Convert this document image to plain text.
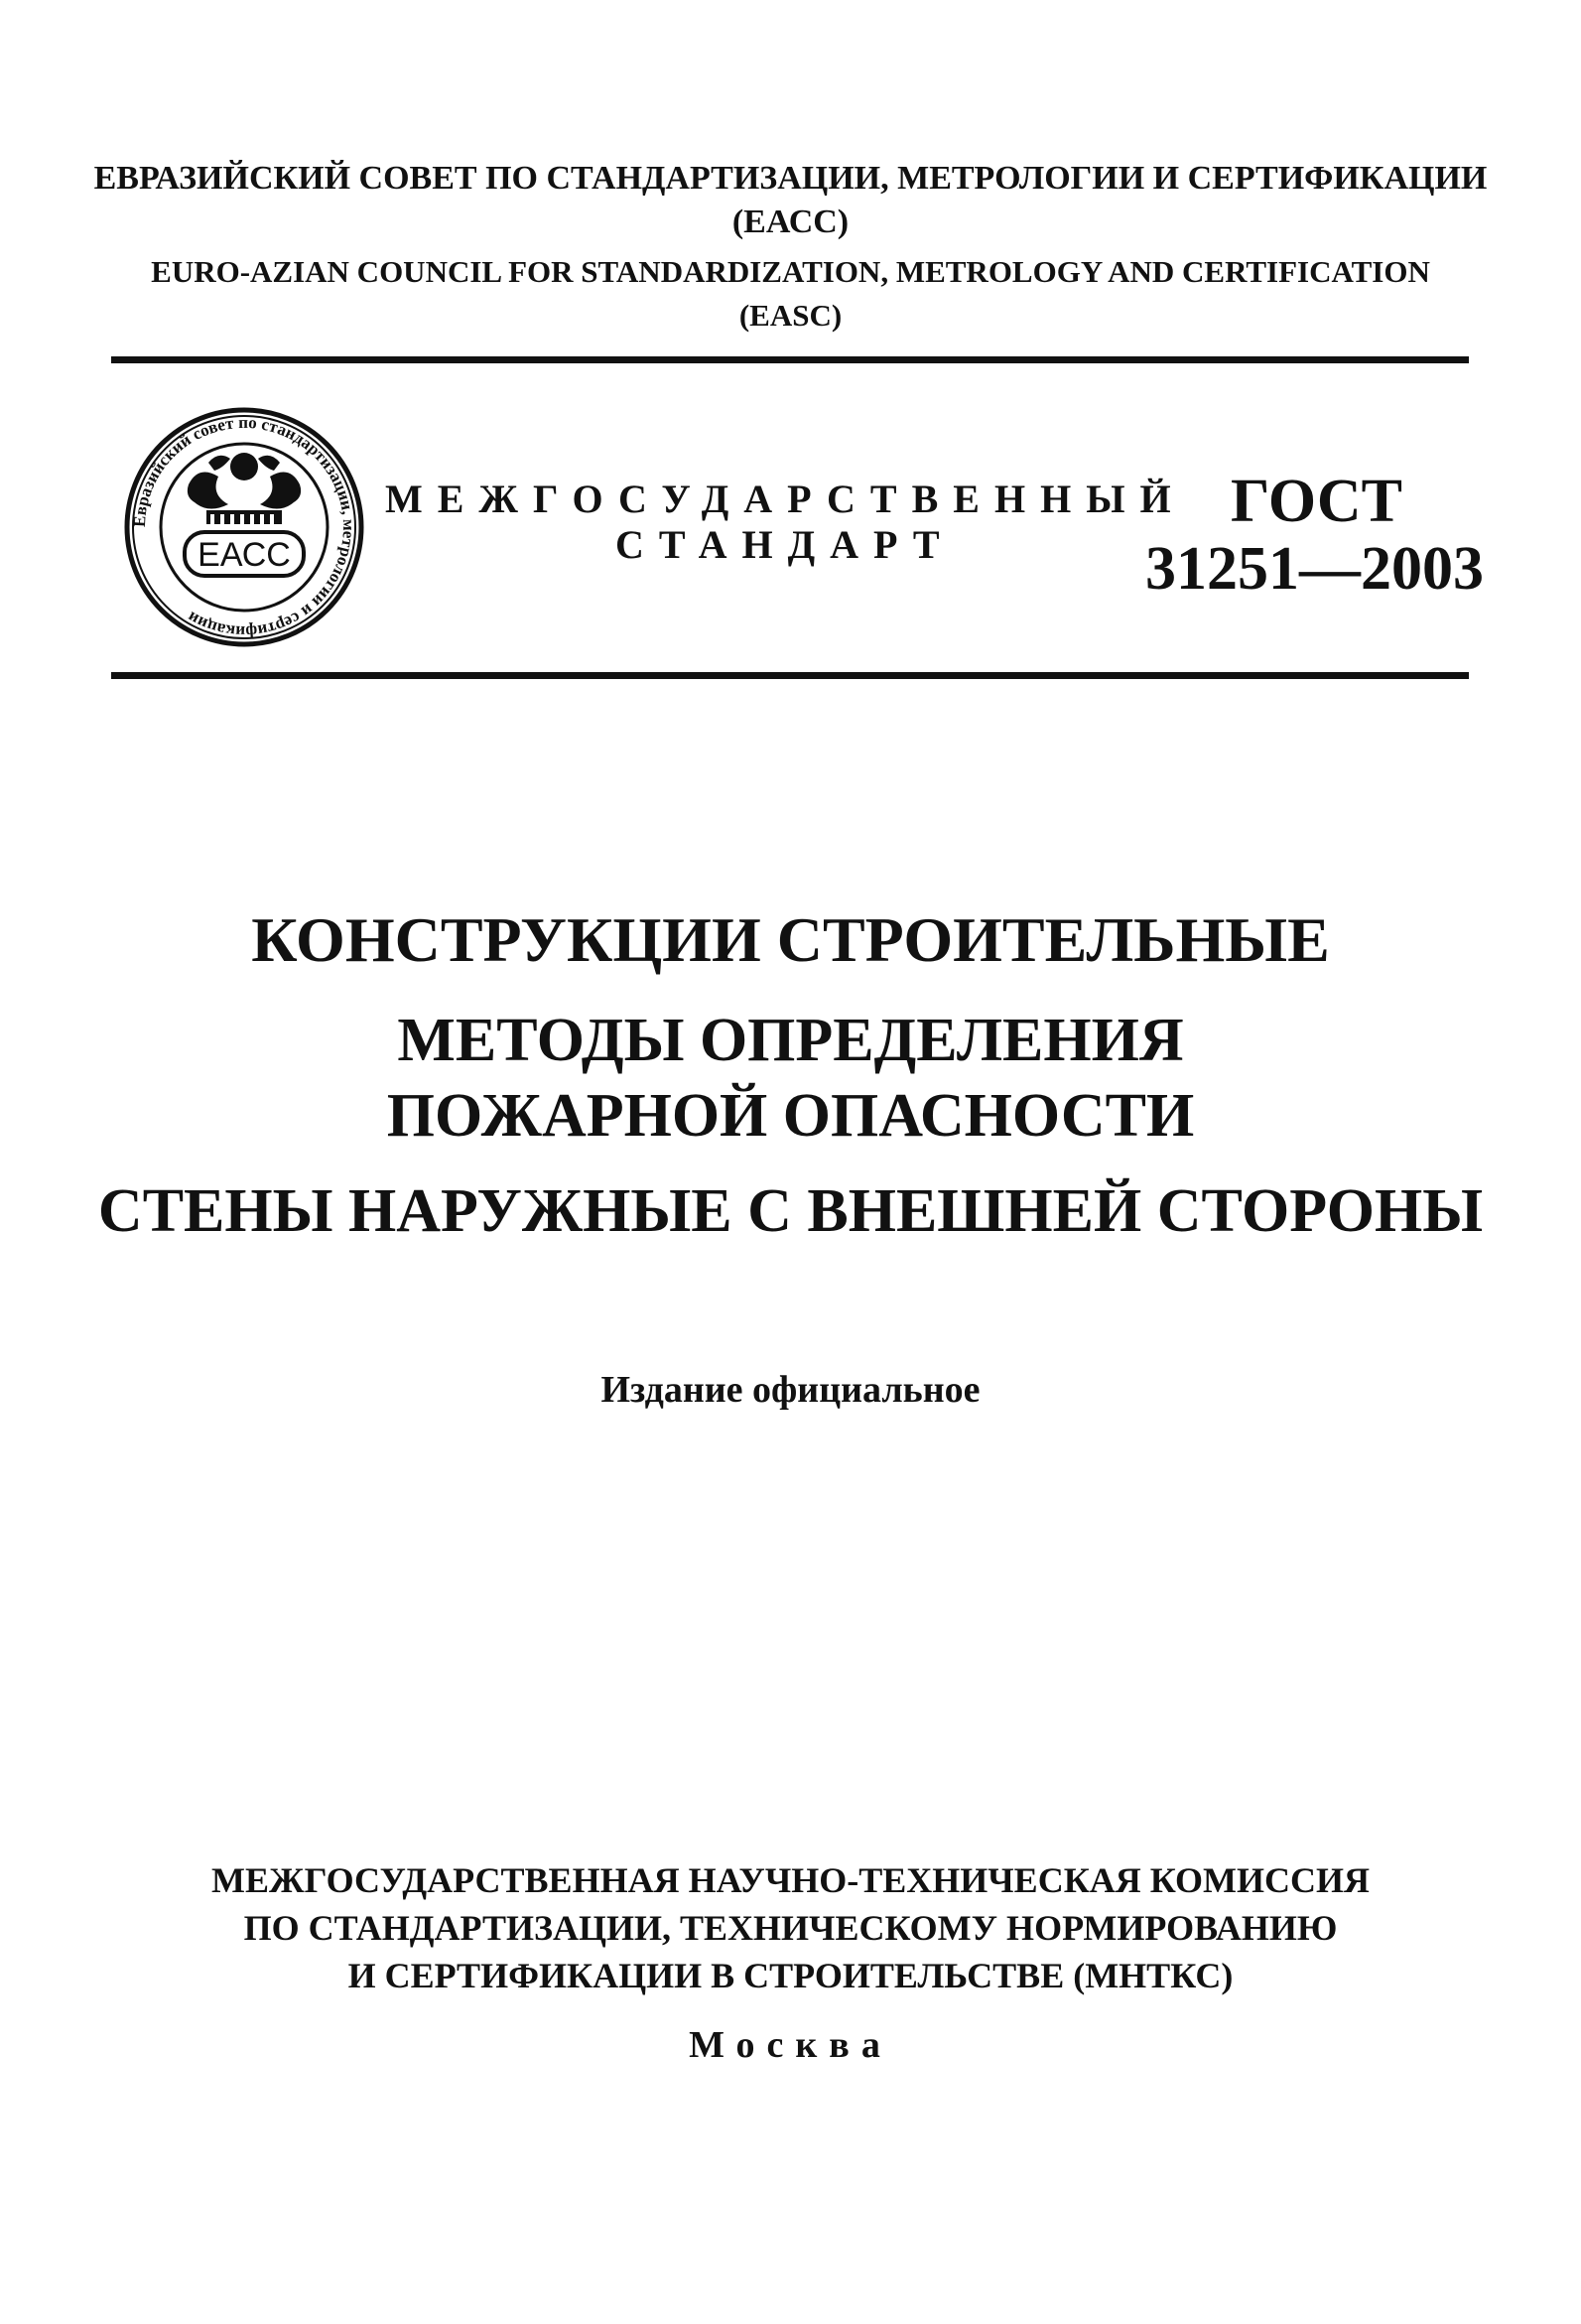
ЕВРАЗИЙСКИЙ СОВЕТ ПО СТАНДАРТИЗАЦИИ, МЕТРОЛОГИИ И СЕРТИФИКАЦИИ
(ЕАСС)
EURO-AZIAN COUNCIL FOR STANDARDIZATION, METROLOGY AND CERTIFICATION
(EASC)
Евразийский совет по стандартизации, метрологии и сертификации
ЕАСС
МЕЖГОСУДАРСТВЕННЫЙ
СТАНДАРТ
ГОСТ
31251—2003
КОНСТРУКЦИИ СТРОИТЕЛЬНЫЕ
МЕТОДЫ ОПРЕДЕЛЕНИЯ
ПОЖАРНОЙ ОПАСНОСТИ
СТЕНЫ НАРУЖНЫЕ С ВНЕШНЕЙ СТОРОНЫ
Издание официальное
МЕЖГОСУДАРСТВЕННАЯ НАУЧНО-ТЕХНИЧЕСКАЯ КОМИССИЯ
ПО СТАНДАРТИЗАЦИИ, ТЕХНИЧЕСКОМУ НОРМИРОВАНИЮ
И СЕРТИФИКАЦИИ В СТРОИТЕЛЬСТВЕ (МНТКС)
Москва
